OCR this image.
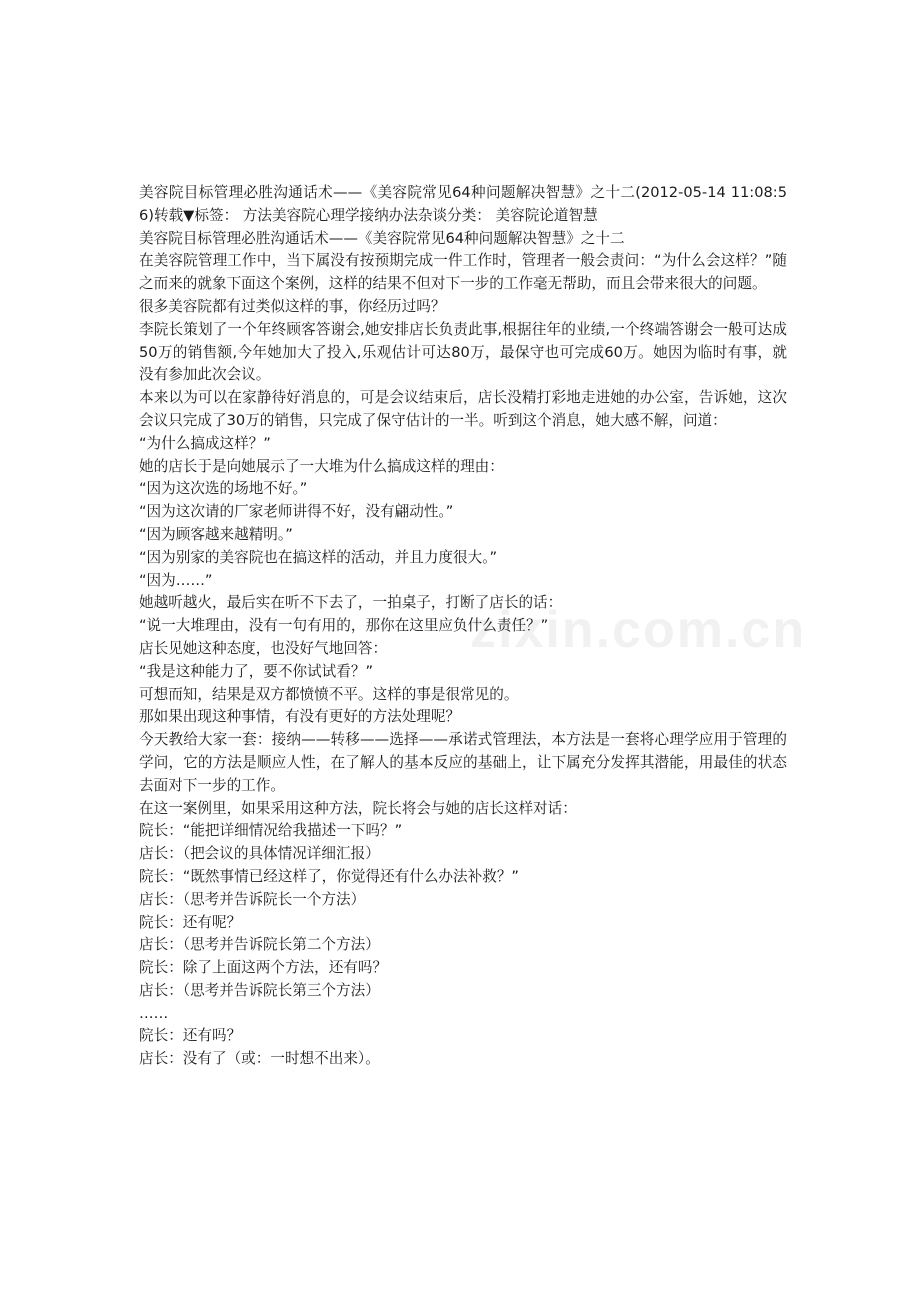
zixin.com.cn

美容院目标管理必胜沟通话术——《美容院常见64种问题解决智慧》之十二(2012-05-14 11:08:56)转载▼标签： 方法美容院心理学接纳办法杂谈分类： 美容院论道智慧

美容院目标管理必胜沟通话术——《美容院常见64种问题解决智慧》之十二

在美容院管理工作中，当下属没有按预期完成一件工作时，管理者一般会责问：“为什么会这样？”随之而来的就象下面这个案例，这样的结果不但对下一步的工作毫无帮助，而且会带来很大的问题。

很多美容院都有过类似这样的事，你经历过吗？

李院长策划了一个年终顾客答谢会,她安排店长负责此事,根据往年的业绩,一个终端答谢会一般可达成50万的销售额,今年她加大了投入,乐观估计可达80万，最保守也可完成60万。她因为临时有事，就没有参加此次会议。

本来以为可以在家静待好消息的，可是会议结束后，店长没精打彩地走进她的办公室，告诉她，这次会议只完成了30万的销售，只完成了保守估计的一半。听到这个消息，她大感不解，问道：

“为什么搞成这样？”

她的店长于是向她展示了一大堆为什么搞成这样的理由：

“因为这次选的场地不好。”

“因为这次请的厂家老师讲得不好，没有翩动性。”

“因为顾客越来越精明。”

“因为别家的美容院也在搞这样的活动，并且力度很大。”

“因为……”

她越听越火，最后实在听不下去了，一拍桌子，打断了店长的话：

“说一大堆理由，没有一句有用的，那你在这里应负什么责任？”

店长见她这种态度，也没好气地回答：

“我是这种能力了，要不你试试看？”

可想而知，结果是双方都愤愤不平。这样的事是很常见的。

那如果出现这种事情，有没有更好的方法处理呢？

今天教给大家一套：接纳——转移——选择——承诺式管理法，本方法是一套将心理学应用于管理的学问，它的方法是顺应人性，在了解人的基本反应的基础上，让下属充分发挥其潜能，用最佳的状态去面对下一步的工作。

在这一案例里，如果采用这种方法，院长将会与她的店长这样对话：

院长：“能把详细情况给我描述一下吗？”

店长：（把会议的具体情况详细汇报）

院长：“既然事情已经这样了，你觉得还有什么办法补救？”

店长：（思考并告诉院长一个方法）

院长：还有呢？

店长：（思考并告诉院长第二个方法）

院长：除了上面这两个方法，还有吗？

店长：（思考并告诉院长第三个方法）

……

院长：还有吗？

店长：没有了（或：一时想不出来）。
